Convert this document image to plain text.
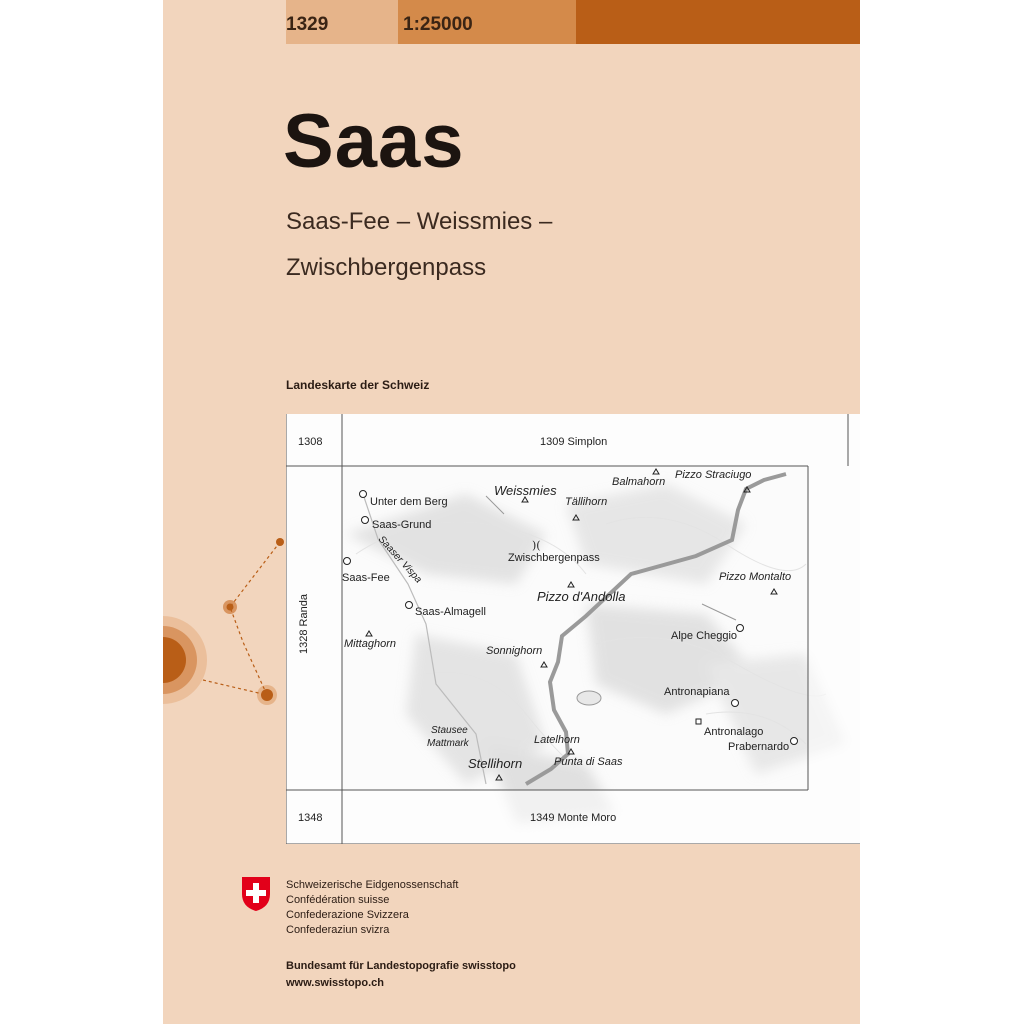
1329	1:25000
Saas
Saas-Fee – Weissmies –
Zwischbergenpass
Landeskarte der Schweiz
)(
1308	1309 Simplon
1328 Randa
1348	1349 Monte Moro
Unter dem Berg
Saas-Grund
Saas-Fee
Saas-Almagell
Alpe Cheggio
Antronapiana
Antronalago
Prabernardo
Weissmies
Tällihorn
Balmahorn
Pizzo Straciugo
Pizzo Montalto
Pizzo d'Andolla
Mittaghorn
Sonnighorn
Latelhorn
Punta di Saas
Stellihorn
Zwischbergenpass
Saaser Vispa
Stausee
Mattmark
Schweizerische Eidgenossenschaft
Confédération suisse
Confederazione Svizzera
Confederaziun svizra
Bundesamt für Landestopografie swisstopo
www.swisstopo.ch
